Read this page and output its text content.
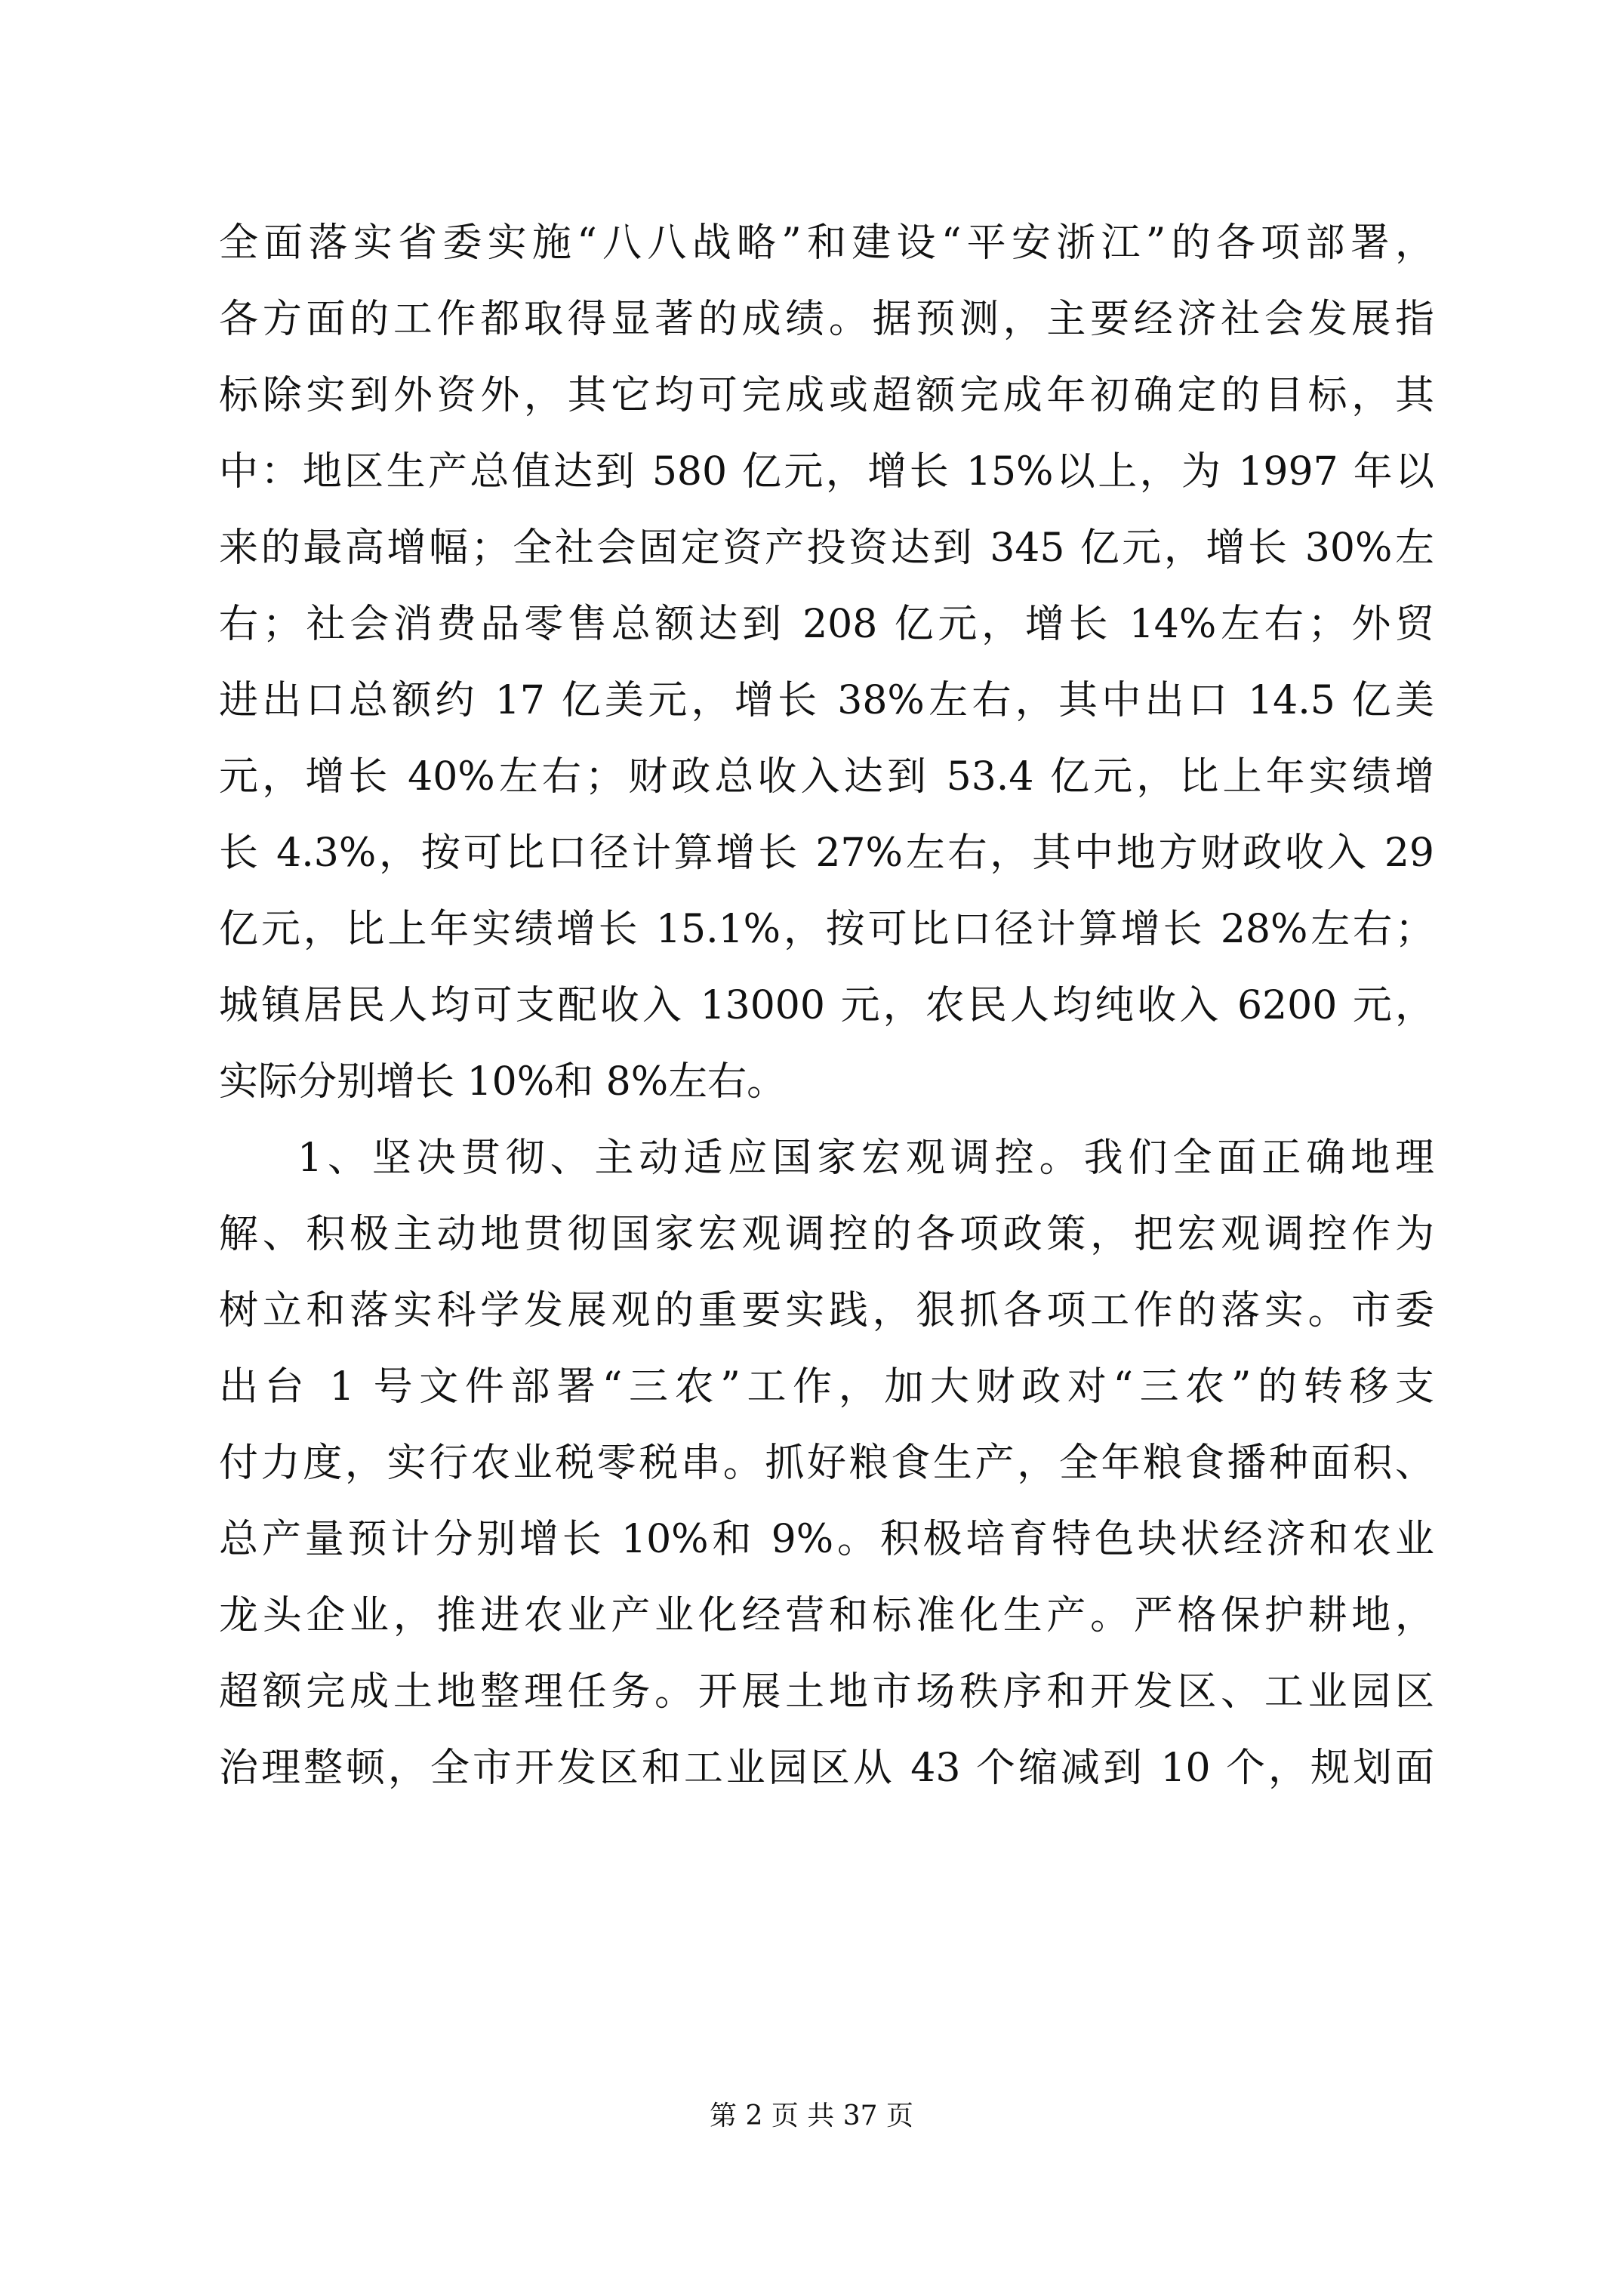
全面落实省委实施“八八战略”和建设“平安浙江”的各项部署，
各方面的工作都取得显著的成绩。据预测，主要经济社会发展指
标除实到外资外，其它均可完成或超额完成年初确定的目标，其
中：地区生产总值达到 580 亿元，增长 15%以上，为 1997 年以
来的最高增幅；全社会固定资产投资达到 345 亿元，增长 30%左
右；社会消费品零售总额达到 208 亿元，增长 14%左右；外贸
进出口总额约 17 亿美元，增长 38%左右，其中出口 14.5 亿美
元，增长 40%左右；财政总收入达到 53.4 亿元，比上年实绩增
长 4.3%，按可比口径计算增长 27%左右，其中地方财政收入 29
亿元，比上年实绩增长 15.1%，按可比口径计算增长 28%左右；
城镇居民人均可支配收入 13000 元，农民人均纯收入 6200 元，
实际分别增长 10%和 8%左右。
1、坚决贯彻、主动适应国家宏观调控。我们全面正确地理
解、积极主动地贯彻国家宏观调控的各项政策，把宏观调控作为
树立和落实科学发展观的重要实践，狠抓各项工作的落实。市委
出台 1 号文件部署“三农”工作，加大财政对“三农”的转移支
付力度，实行农业税零税串。抓好粮食生产，全年粮食播种面积、
总产量预计分别增长 10%和 9%。积极培育特色块状经济和农业
龙头企业，推进农业产业化经营和标准化生产。严格保护耕地，
超额完成土地整理任务。开展土地市场秩序和开发区、工业园区
治理整顿，全市开发区和工业园区从 43 个缩减到 10 个，规划面
第 2 页 共 37 页
